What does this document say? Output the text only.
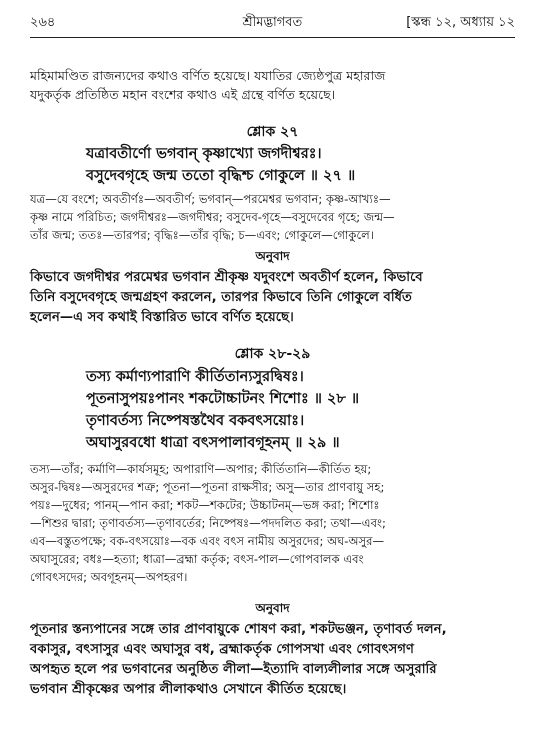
২৬৪	শ্রীমদ্ভাগবত	[স্কন্ধ ১২, অধ্যায় ১২
মহিমামণ্ডিত রাজন্যদের কথাও বর্ণিত হয়েছে। যযাতির জ্যেষ্ঠপুত্র মহারাজ
যদুকর্তৃক প্রতিষ্ঠিত মহান বংশের কথাও এই গ্রন্থে বর্ণিত হয়েছে।
শ্লোক ২৭
যত্রাবতীর্ণো ভগবান্ কৃষ্ণাখ্যো জগদীশ্বরঃ।
বসুদেবগৃহে জন্ম ততো বৃদ্ধিশ্চ গোকুলে ॥ ২৭ ॥
যত্র—যে বংশে; অবতীর্ণঃ—অবতীর্ণ; ভগবান্—পরমেশ্বর ভগবান; কৃষ্ণ-আখ্যঃ—
কৃষ্ণ নামে পরিচিত; জগদীশ্বরঃ—জগদীশ্বর; বসুদেব-গৃহে—বসুদেবের গৃহে; জন্ম—
তাঁর জন্ম; ততঃ—তারপর; বৃদ্ধিঃ—তাঁর বৃদ্ধি; চ—এবং; গোকুলে—গোকুলে।
অনুবাদ
কিভাবে জগদীশ্বর পরমেশ্বর ভগবান শ্রীকৃষ্ণ যদুবংশে অবতীর্ণ হলেন, কিভাবে
তিনি বসুদেবগৃহে জন্মগ্রহণ করলেন, তারপর কিভাবে তিনি গোকুলে বর্ধিত
হলেন—এ সব কথাই বিস্তারিত ভাবে বর্ণিত হয়েছে।
শ্লোক ২৮-২৯
তস্য কর্মাণ্যপারাণি কীর্তিতান্যসুরদ্বিষঃ।
পূতনাসুপয়ঃপানং শকটোচ্চাটনং শিশোঃ ॥ ২৮ ॥
তৃণাবর্তস্য নিষ্পেষস্তথৈব বকবৎসয়োঃ।
অঘাসুরবধো ধাত্রা বৎসপালাবগূহনম্ ॥ ২৯ ॥
তস্য—তাঁর; কর্মাণি—কার্যসমূহ; অপারাণি—অপার; কীর্তিতানি—কীর্তিত হয়;
অসুর-দ্বিষঃ—অসুরদের শত্রু; পূতনা—পূতনা রাক্ষসীর; অসু—তার প্রাণবায়ু সহ;
পয়ঃ—দুধের; পানম্—পান করা; শকট—শকটের; উচ্চাটনম্—ভঙ্গ করা; শিশোঃ
—শিশুর দ্বারা; তৃণাবর্তস্য—তৃণাবর্তের; নিষ্পেষঃ—পদদলিত করা; তথা—এবং;
এব—বস্তুতপক্ষে; বক-বৎসয়োঃ—বক এবং বৎস নামীয় অসুরদের; অঘ-অসুর—
অঘাসুরের; বধঃ—হত্যা; ধাত্রা—ব্রহ্মা কর্তৃক; বৎস-পাল—গোপবালক এবং
গোবৎসদের; অবগূহনম্—অপহরণ।
অনুবাদ
পূতনার স্তন্যপানের সঙ্গে তার প্রাণবায়ুকে শোষণ করা, শকটভঞ্জন, তৃণাবর্ত দলন,
বকাসুর, বৎসাসুর এবং অঘাসুর বধ, ব্রহ্মাকর্তৃক গোপসখা এবং গোবৎসগণ
অপহৃত হলে পর ভগবানের অনুষ্ঠিত লীলা—ইত্যাদি বাল্যলীলার সঙ্গে অসুরারি
ভগবান শ্রীকৃষ্ণের অপার লীলাকথাও সেখানে কীর্তিত হয়েছে।
